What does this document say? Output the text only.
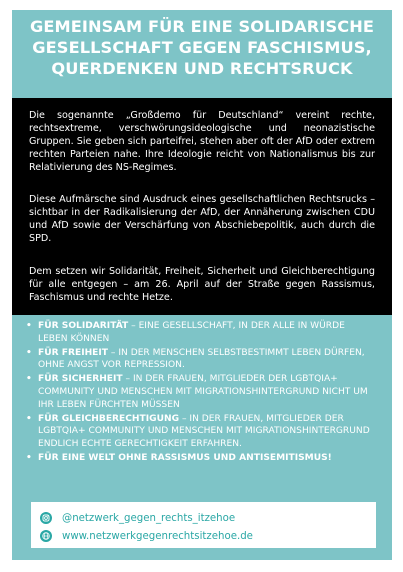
GEMEINSAM FÜR EINE SOLIDARISCHE
GESELLSCHAFT GEGEN FASCHISMUS,
QUERDENKEN UND RECHTSRUCK

Die sogenannte „Großdemo für Deutschland“ vereint rechte, rechtsextreme, verschwörungsideologische und neonazistische Gruppen. Sie geben sich parteifrei, stehen aber oft der AfD oder extrem rechten Parteien nahe. Ihre Ideologie reicht von Nationalismus bis zur Relativierung des NS-Regimes.

Diese Aufmärsche sind Ausdruck eines gesellschaftlichen Rechtsrucks – sichtbar in der Radikalisierung der AfD, der Annäherung zwischen CDU und AfD sowie der Verschärfung von Abschiebepolitik, auch durch die SPD.

Dem setzen wir Solidarität, Freiheit, Sicherheit und Gleichberechtigung für alle entgegen – am 26. April auf der Straße gegen Rassismus, Faschismus und rechte Hetze.

• FÜR SOLIDARITÄT – EINE GESELLSCHAFT, IN DER ALLE IN WÜRDE LEBEN KÖNNEN
• FÜR FREIHEIT – IN DER MENSCHEN SELBSTBESTIMMT LEBEN DÜRFEN, OHNE ANGST VOR REPRESSION.
• FÜR SICHERHEIT – IN DER FRAUEN, MITGLIEDER DER LGBTQIA+ COMMUNITY UND MENSCHEN MIT MIGRATIONSHINTERGRUND NICHT UM IHR LEBEN FÜRCHTEN MÜSSEN
• FÜR GLEICHBERECHTIGUNG – IN DER FRAUEN, MITGLIEDER DER LGBTQIA+ COMMUNITY UND MENSCHEN MIT MIGRATIONSHINTERGRUND ENDLICH ECHTE GERECHTIGKEIT ERFAHREN.
• FÜR EINE WELT OHNE RASSISMUS UND ANTISEMITISMUS!
@netzwerk_gegen_rechts_itzehoe
www.netzwerkgegenrechtsitzehoe.de
